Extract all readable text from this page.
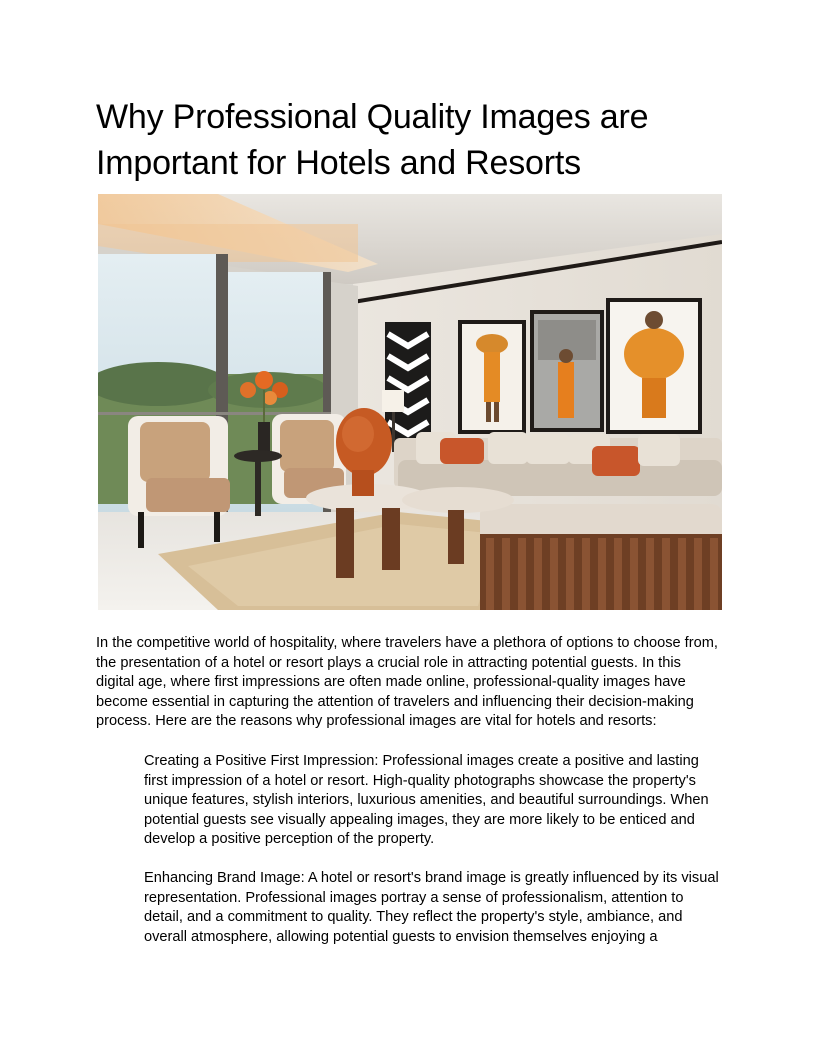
Why Professional Quality Images are Important for Hotels and Resorts

In the competitive world of hospitality, where travelers have a plethora of options to choose from, the presentation of a hotel or resort plays a crucial role in attracting potential guests. In this digital age, where first impressions are often made online, professional-quality images have become essential in capturing the attention of travelers and influencing their decision-making process. Here are the reasons why professional images are vital for hotels and resorts:

Creating a Positive First Impression: Professional images create a positive and lasting first impression of a hotel or resort. High-quality photographs showcase the property's unique features, stylish interiors, luxurious amenities, and beautiful surroundings. When potential guests see visually appealing images, they are more likely to be enticed and develop a positive perception of the property.
Enhancing Brand Image: A hotel or resort's brand image is greatly influenced by its visual representation. Professional images portray a sense of professionalism, attention to detail, and a commitment to quality. They reflect the property's style, ambiance, and overall atmosphere, allowing potential guests to envision themselves enjoying a
